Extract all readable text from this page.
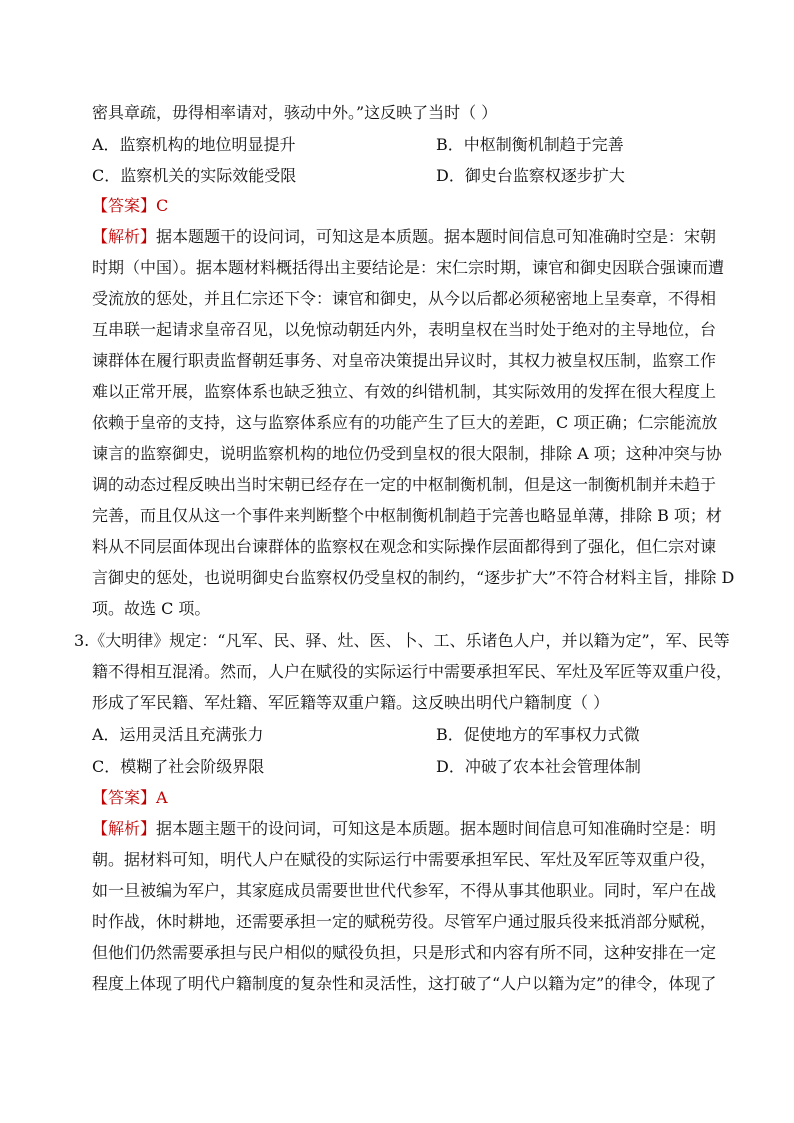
密具章疏，毋得相率请对，骇动中外。”这反映了当时（ ）
A．监察机构的地位明显提升	B．中枢制衡机制趋于完善
C．监察机关的实际效能受限	D．御史台监察权逐步扩大
【答案】C
【解析】据本题题干的设问词，可知这是本质题。据本题时间信息可知准确时空是：宋朝
时期（中国）。据本题材料概括得出主要结论是：宋仁宗时期，谏官和御史因联合强谏而遭
受流放的惩处，并且仁宗还下令：谏官和御史，从今以后都必须秘密地上呈奏章，不得相
互串联一起请求皇帝召见，以免惊动朝廷内外，表明皇权在当时处于绝对的主导地位，台
谏群体在履行职责监督朝廷事务、对皇帝决策提出异议时，其权力被皇权压制，监察工作
难以正常开展，监察体系也缺乏独立、有效的纠错机制，其实际效用的发挥在很大程度上
依赖于皇帝的支持，这与监察体系应有的功能产生了巨大的差距，C 项正确；仁宗能流放
谏言的监察御史，说明监察机构的地位仍受到皇权的很大限制，排除 A 项；这种冲突与协
调的动态过程反映出当时宋朝已经存在一定的中枢制衡机制，但是这一制衡机制并未趋于
完善，而且仅从这一个事件来判断整个中枢制衡机制趋于完善也略显单薄，排除 B 项；材
料从不同层面体现出台谏群体的监察权在观念和实际操作层面都得到了强化，但仁宗对谏
言御史的惩处，也说明御史台监察权仍受皇权的制约，“逐步扩大”不符合材料主旨，排除 D
项。故选 C 项。
3.《大明律》规定：“凡军、民、驿、灶、医、卜、工、乐诸色人户，并以籍为定”，军、民等
籍不得相互混淆。然而，人户在赋役的实际运行中需要承担军民、军灶及军匠等双重户役，
形成了军民籍、军灶籍、军匠籍等双重户籍。这反映出明代户籍制度（ ）
A．运用灵活且充满张力	B．促使地方的军事权力式微
C．模糊了社会阶级界限	D．冲破了农本社会管理体制
【答案】A
【解析】据本题主题干的设问词，可知这是本质题。据本题时间信息可知准确时空是：明
朝。据材料可知，明代人户在赋役的实际运行中需要承担军民、军灶及军匠等双重户役，
如一旦被编为军户，其家庭成员需要世世代代参军，不得从事其他职业。同时，军户在战
时作战，休时耕地，还需要承担一定的赋税劳役。尽管军户通过服兵役来抵消部分赋税，
但他们仍然需要承担与民户相似的赋役负担，只是形式和内容有所不同，这种安排在一定
程度上体现了明代户籍制度的复杂性和灵活性，这打破了“人户以籍为定”的律令，体现了
